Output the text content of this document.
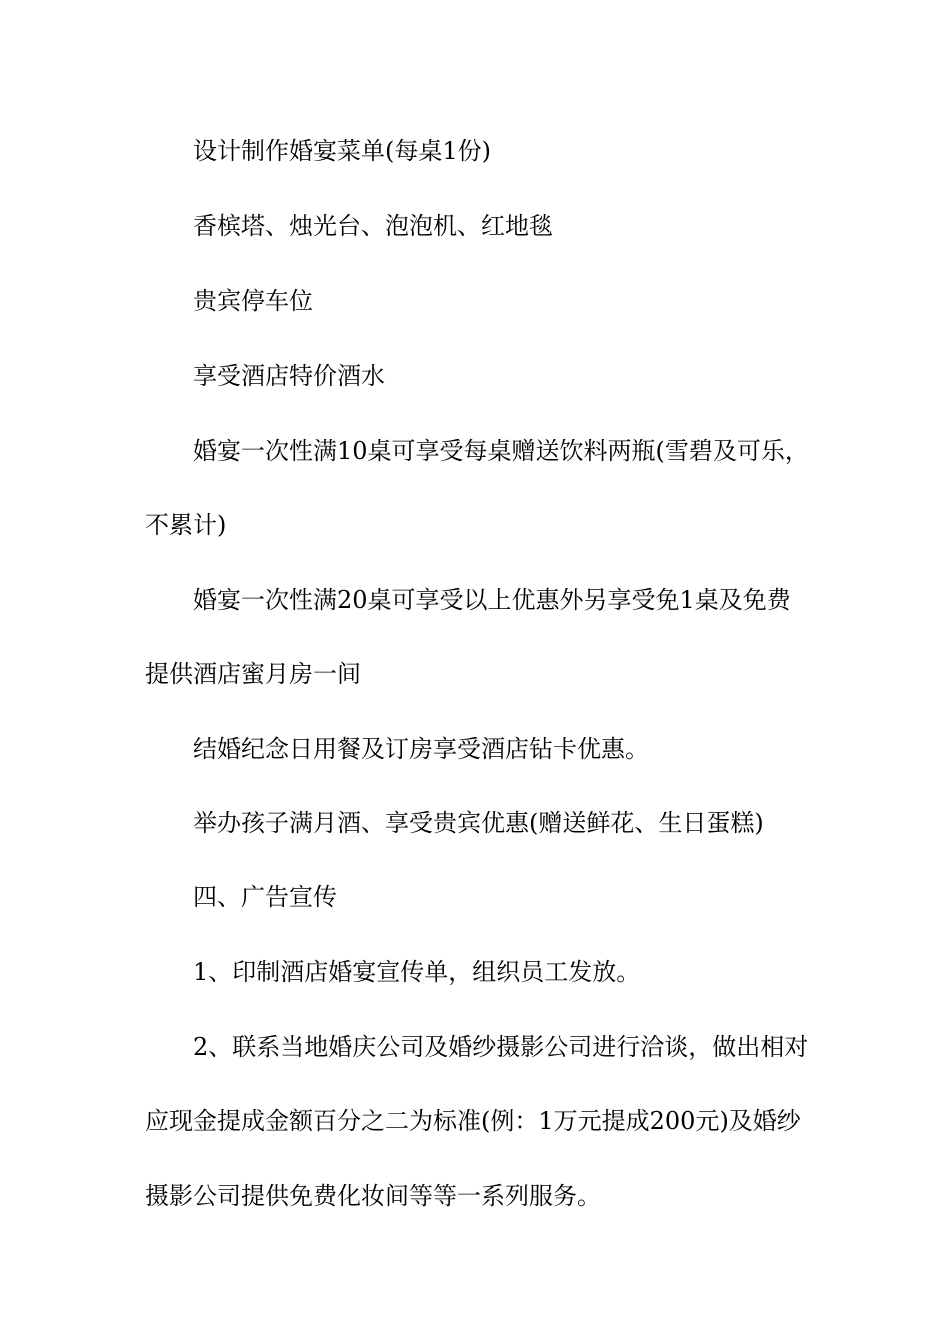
设计制作婚宴菜单(每桌1份)
香槟塔、烛光台、泡泡机、红地毯
贵宾停车位
享受酒店特价酒水
婚宴一次性满10桌可享受每桌赠送饮料两瓶(雪碧及可乐，
不累计)
婚宴一次性满20桌可享受以上优惠外另享受免1桌及免费
提供酒店蜜月房一间
结婚纪念日用餐及订房享受酒店钻卡优惠。
举办孩子满月酒、享受贵宾优惠(赠送鲜花、生日蛋糕)
四、广告宣传
1、印制酒店婚宴宣传单，组织员工发放。
2、联系当地婚庆公司及婚纱摄影公司进行洽谈，做出相对
应现金提成金额百分之二为标准(例：1万元提成200元)及婚纱
摄影公司提供免费化妆间等等一系列服务。
